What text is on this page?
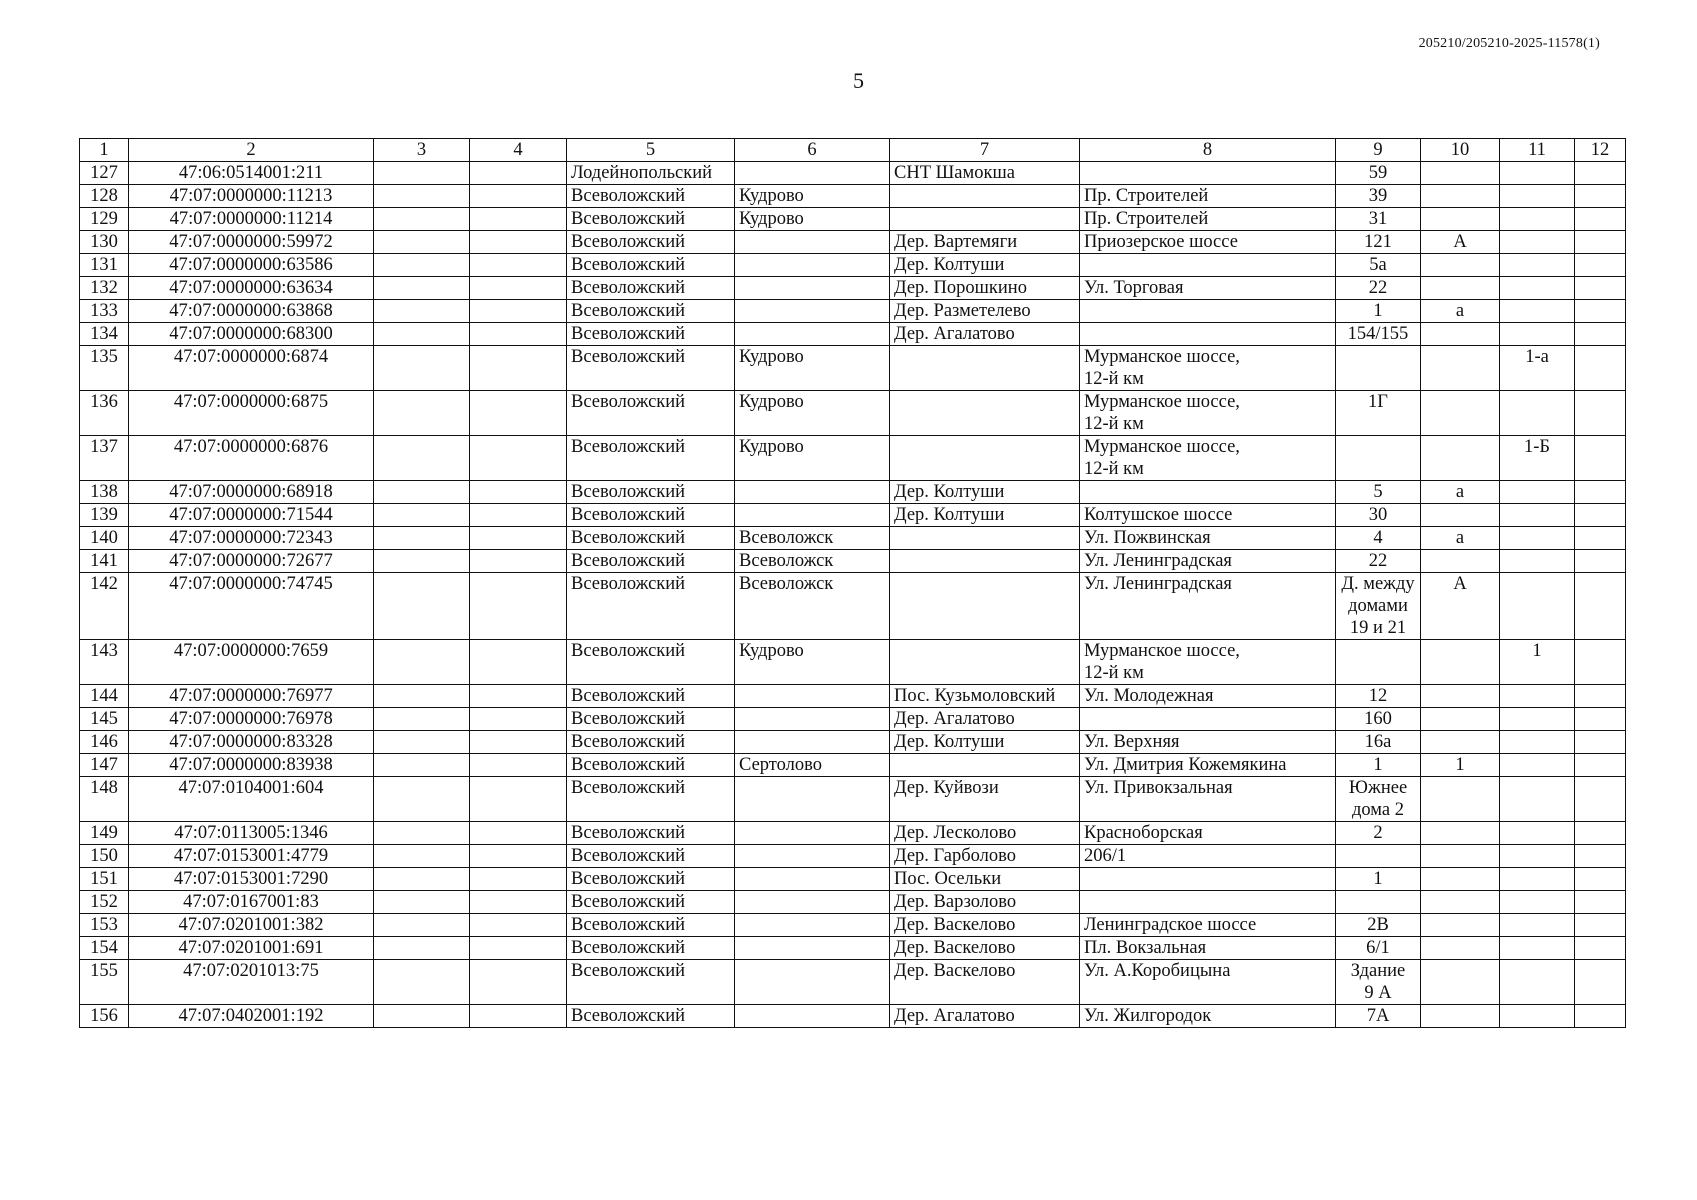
205210/205210-2025-11578(1)
5
1	2	3	4	5	6	7	8	9	10	11	12
127	47:06:0514001:211			Лодейнопольский		СНТ Шамокша		59			
128	47:07:0000000:11213			Всеволожский	Кудрово		Пр. Строителей	39			
129	47:07:0000000:11214			Всеволожский	Кудрово		Пр. Строителей	31			
130	47:07:0000000:59972			Всеволожский		Дер. Вартемяги	Приозерское шоссе	121	А		
131	47:07:0000000:63586			Всеволожский		Дер. Колтуши		5а			
132	47:07:0000000:63634			Всеволожский		Дер. Порошкино	Ул. Торговая	22			
133	47:07:0000000:63868			Всеволожский		Дер. Разметелево		1	а		
134	47:07:0000000:68300			Всеволожский		Дер. Агалатово		154/155			
135	47:07:0000000:6874			Всеволожский	Кудрово		Мурманское шоссе,
12-й км			1-а	
136	47:07:0000000:6875			Всеволожский	Кудрово		Мурманское шоссе,
12-й км	1Г			
137	47:07:0000000:6876			Всеволожский	Кудрово		Мурманское шоссе,
12-й км			1-Б	
138	47:07:0000000:68918			Всеволожский		Дер. Колтуши		5	а		
139	47:07:0000000:71544			Всеволожский		Дер. Колтуши	Колтушское шоссе	30			
140	47:07:0000000:72343			Всеволожский	Всеволожск		Ул. Пожвинская	4	а		
141	47:07:0000000:72677			Всеволожский	Всеволожск		Ул. Ленинградская	22			
142	47:07:0000000:74745			Всеволожский	Всеволожск		Ул. Ленинградская	Д. между
домами
19 и 21	А		
143	47:07:0000000:7659			Всеволожский	Кудрово		Мурманское шоссе,
12-й км			1	
144	47:07:0000000:76977			Всеволожский		Пос. Кузьмоловский	Ул. Молодежная	12			
145	47:07:0000000:76978			Всеволожский		Дер. Агалатово		160			
146	47:07:0000000:83328			Всеволожский		Дер. Колтуши	Ул. Верхняя	16а			
147	47:07:0000000:83938			Всеволожский	Сертолово		Ул. Дмитрия Кожемякина	1	1		
148	47:07:0104001:604			Всеволожский		Дер. Куйвози	Ул. Привокзальная	Южнее
дома 2			
149	47:07:0113005:1346			Всеволожский		Дер. Лесколово	Красноборская	2			
150	47:07:0153001:4779			Всеволожский		Дер. Гарболово	206/1				
151	47:07:0153001:7290			Всеволожский		Пос. Осельки		1			
152	47:07:0167001:83			Всеволожский		Дер. Варзолово					
153	47:07:0201001:382			Всеволожский		Дер. Васкелово	Ленинградское шоссе	2В			
154	47:07:0201001:691			Всеволожский		Дер. Васкелово	Пл. Вокзальная	6/1			
155	47:07:0201013:75			Всеволожский		Дер. Васкелово	Ул. А.Коробицына	Здание
9 А			
156	47:07:0402001:192			Всеволожский		Дер. Агалатово	Ул. Жилгородок	7А			
